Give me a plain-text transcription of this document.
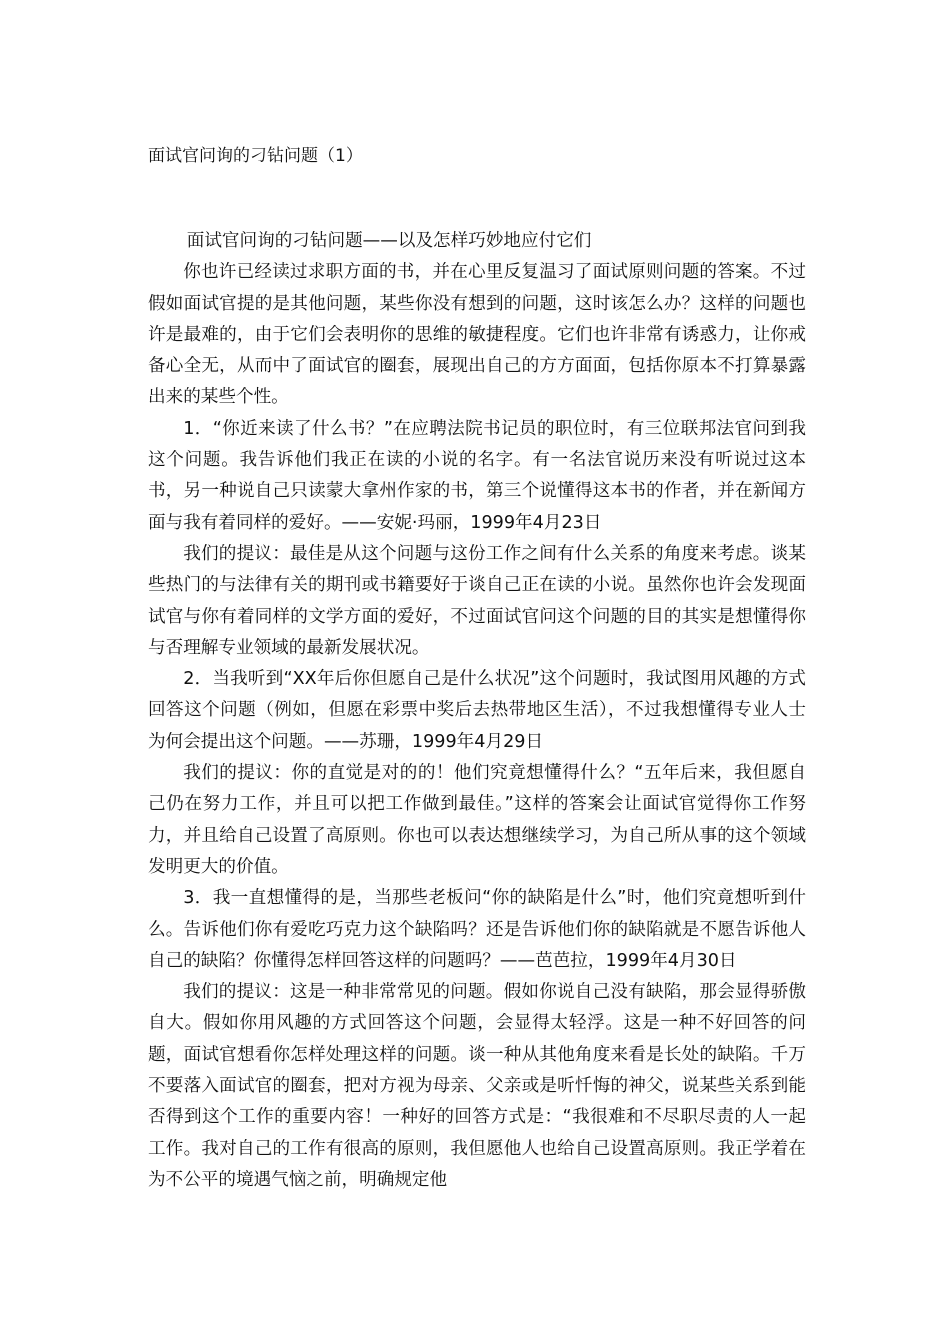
面试官问询的刁钻问题（1）

面试官问询的刁钻问题——以及怎样巧妙地应付它们

你也许已经读过求职方面的书，并在心里反复温习了面试原则问题的答案。不过假如面试官提的是其他问题，某些你没有想到的问题，这时该怎么办？这样的问题也许是最难的，由于它们会表明你的思维的敏捷程度。它们也许非常有诱惑力，让你戒备心全无，从而中了面试官的圈套，展现出自己的方方面面，包括你原本不打算暴露出来的某些个性。

1．“你近来读了什么书？”在应聘法院书记员的职位时，有三位联邦法官问到我这个问题。我告诉他们我正在读的小说的名字。有一名法官说历来没有听说过这本书，另一种说自己只读蒙大拿州作家的书，第三个说懂得这本书的作者，并在新闻方面与我有着同样的爱好。——安妮·玛丽，1999年4月23日

我们的提议：最佳是从这个问题与这份工作之间有什么关系的角度来考虑。谈某些热门的与法律有关的期刊或书籍要好于谈自己正在读的小说。虽然你也许会发现面试官与你有着同样的文学方面的爱好，不过面试官问这个问题的目的其实是想懂得你与否理解专业领域的最新发展状况。

2．当我听到“XX年后你但愿自己是什么状况”这个问题时，我试图用风趣的方式回答这个问题（例如，但愿在彩票中奖后去热带地区生活），不过我想懂得专业人士为何会提出这个问题。——苏珊，1999年4月29日

我们的提议：你的直觉是对的的！他们究竟想懂得什么？“五年后来，我但愿自己仍在努力工作，并且可以把工作做到最佳。”这样的答案会让面试官觉得你工作努力，并且给自己设置了高原则。你也可以表达想继续学习，为自己所从事的这个领域发明更大的价值。

3．我一直想懂得的是，当那些老板问“你的缺陷是什么”时，他们究竟想听到什么。告诉他们你有爱吃巧克力这个缺陷吗？还是告诉他们你的缺陷就是不愿告诉他人自己的缺陷？你懂得怎样回答这样的问题吗？——芭芭拉，1999年4月30日

我们的提议：这是一种非常常见的问题。假如你说自己没有缺陷，那会显得骄傲自大。假如你用风趣的方式回答这个问题，会显得太轻浮。这是一种不好回答的问题，面试官想看你怎样处理这样的问题。谈一种从其他角度来看是长处的缺陷。千万不要落入面试官的圈套，把对方视为母亲、父亲或是听忏悔的神父，说某些关系到能否得到这个工作的重要内容！一种好的回答方式是：“我很难和不尽职尽责的人一起工作。我对自己的工作有很高的原则，我但愿他人也给自己设置高原则。我正学着在为不公平的境遇气恼之前，明确规定他
